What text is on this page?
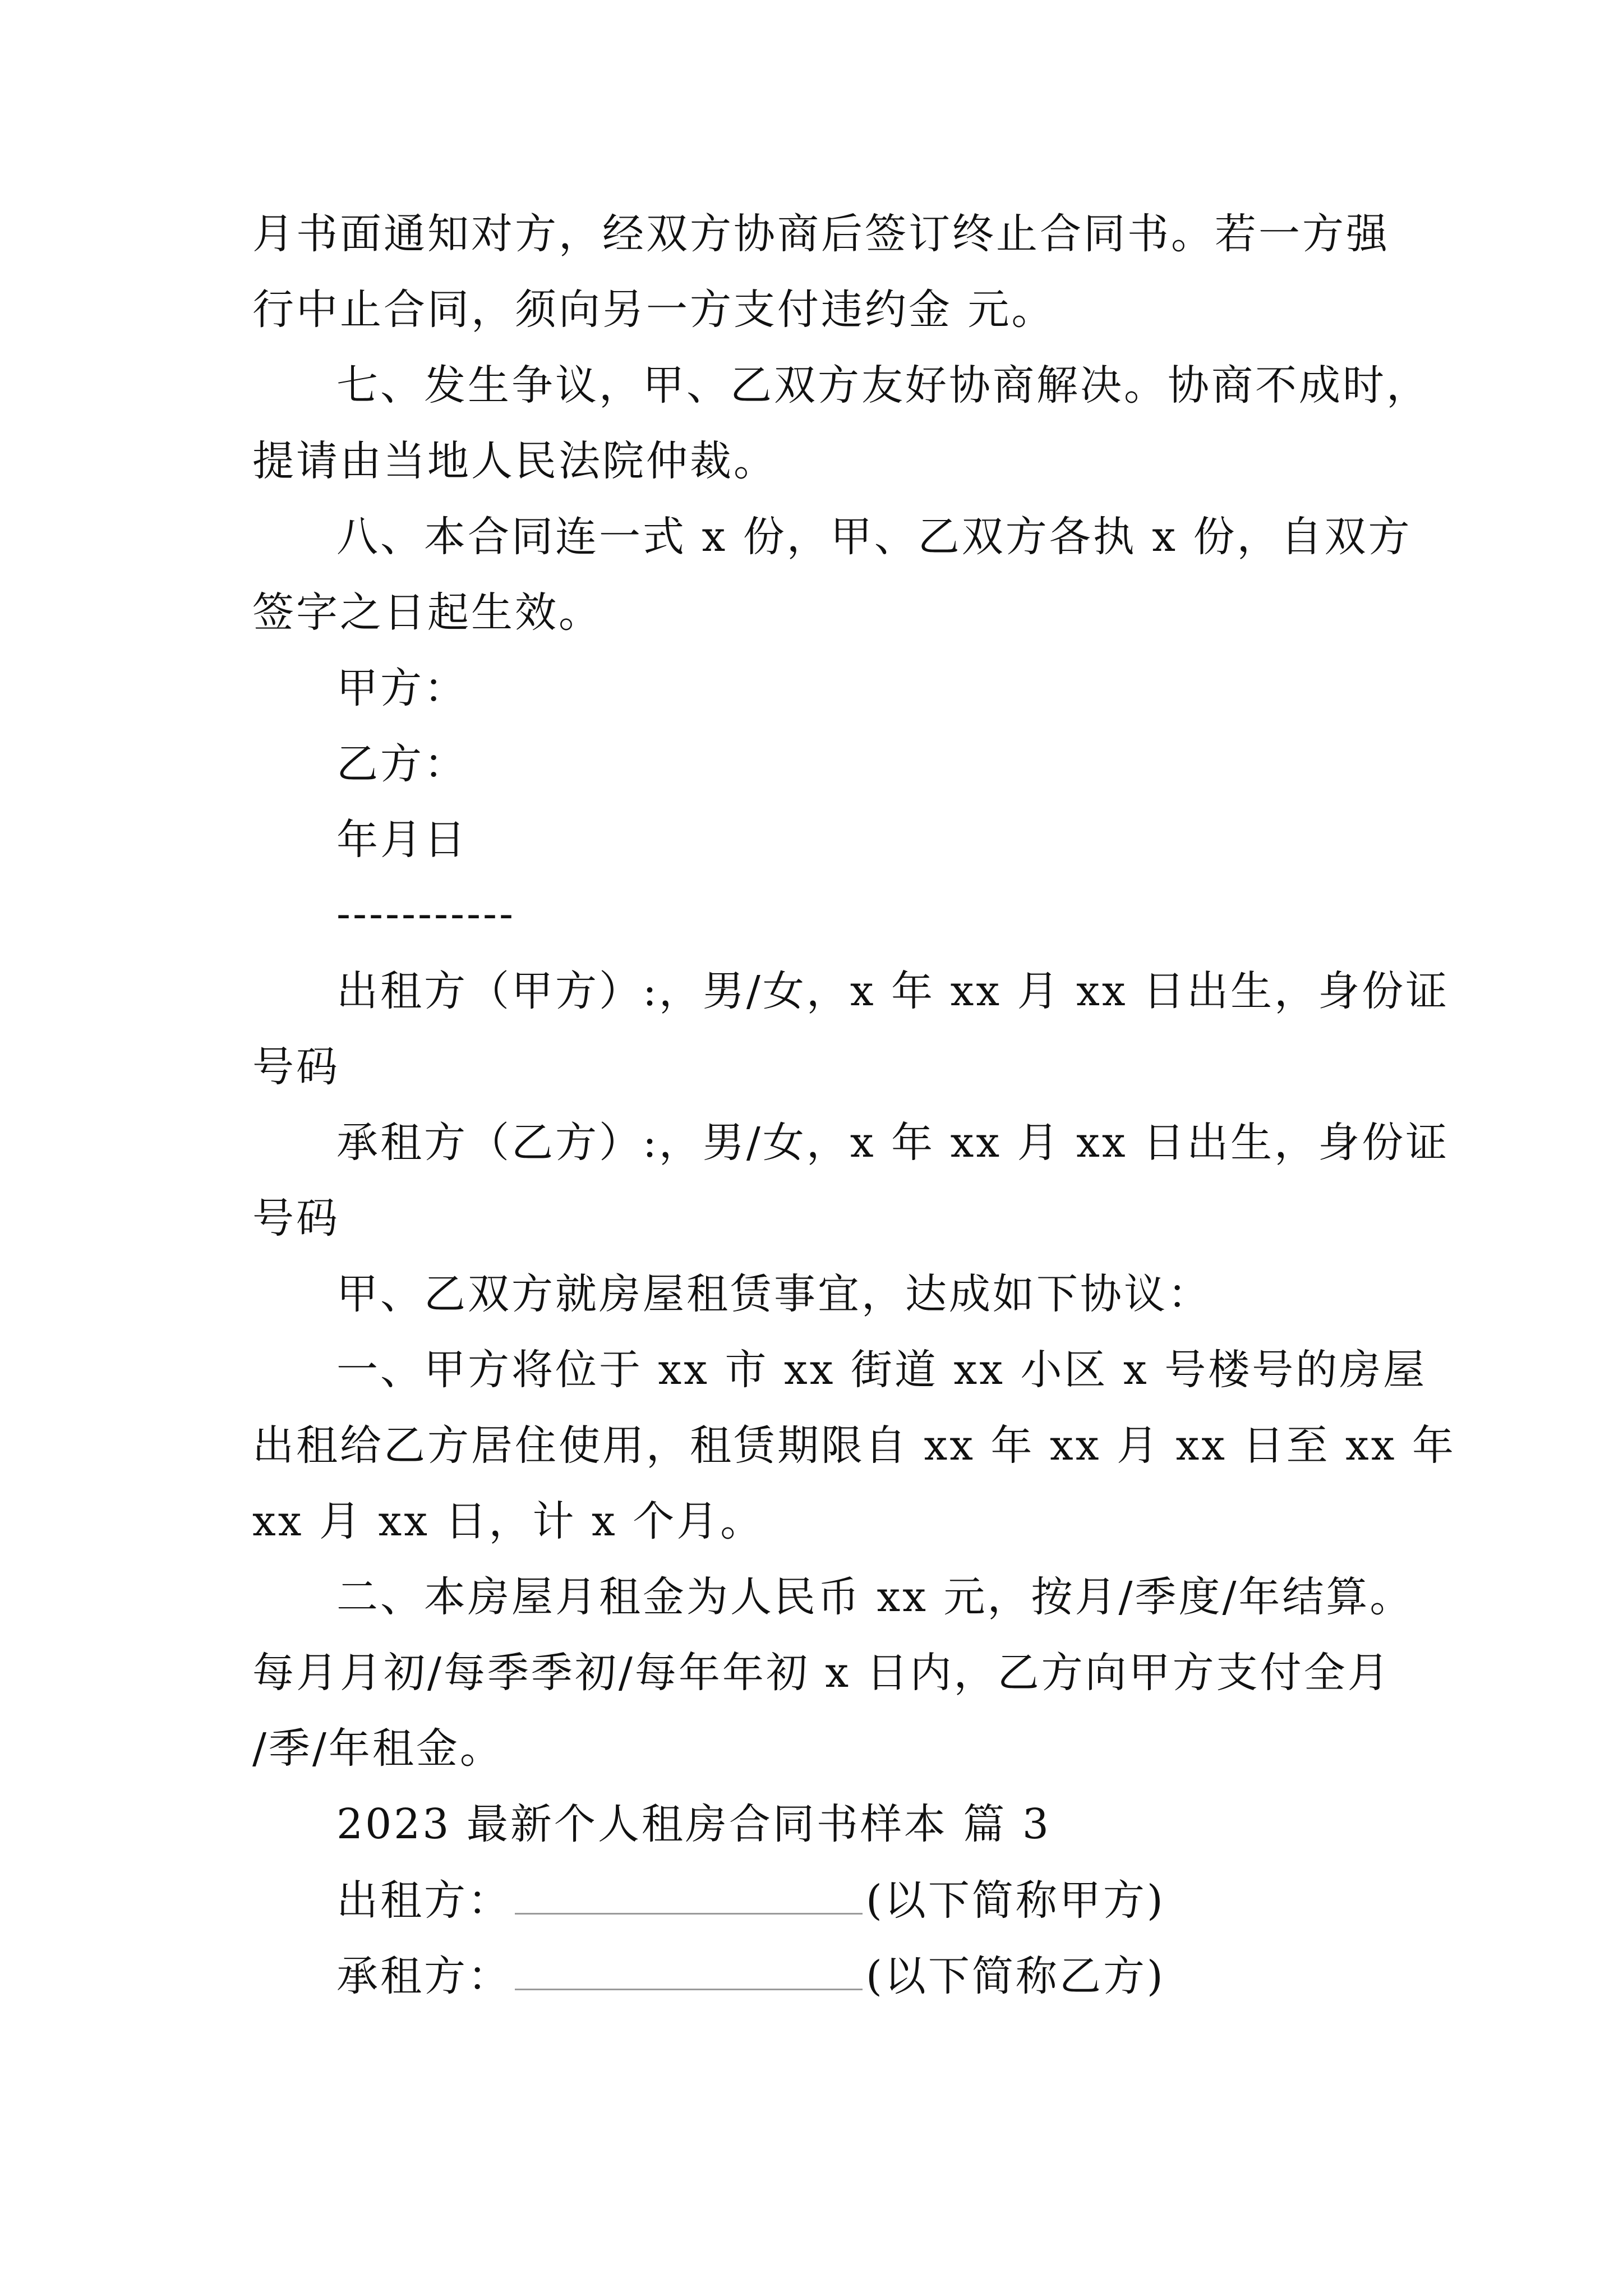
月书面通知对方，经双方协商后签订终止合同书。若一方强
行中止合同，须向另一方支付违约金 元。
七、发生争议，甲、乙双方友好协商解决。协商不成时，
提请由当地人民法院仲裁。
八、本合同连一式 x 份，甲、乙双方各执 x 份，自双方
签字之日起生效。
甲方：
乙方：
年月日
-----------
出租方（甲方）:，男/女，x 年 xx 月 xx 日出生，身份证
号码
承租方（乙方）:，男/女，x 年 xx 月 xx 日出生，身份证
号码
甲、乙双方就房屋租赁事宜，达成如下协议：
一、甲方将位于 xx 市 xx 街道 xx 小区 x 号楼号的房屋
出租给乙方居住使用，租赁期限自 xx 年 xx 月 xx 日至 xx 年
xx 月 xx 日，计 x 个月。
二、本房屋月租金为人民币 xx 元，按月/季度/年结算。
每月月初/每季季初/每年年初 x 日内，乙方向甲方支付全月
/季/年租金。
2023 最新个人租房合同书样本 篇 3
出租方：	(以下简称甲方)
承租方：	(以下简称乙方)
